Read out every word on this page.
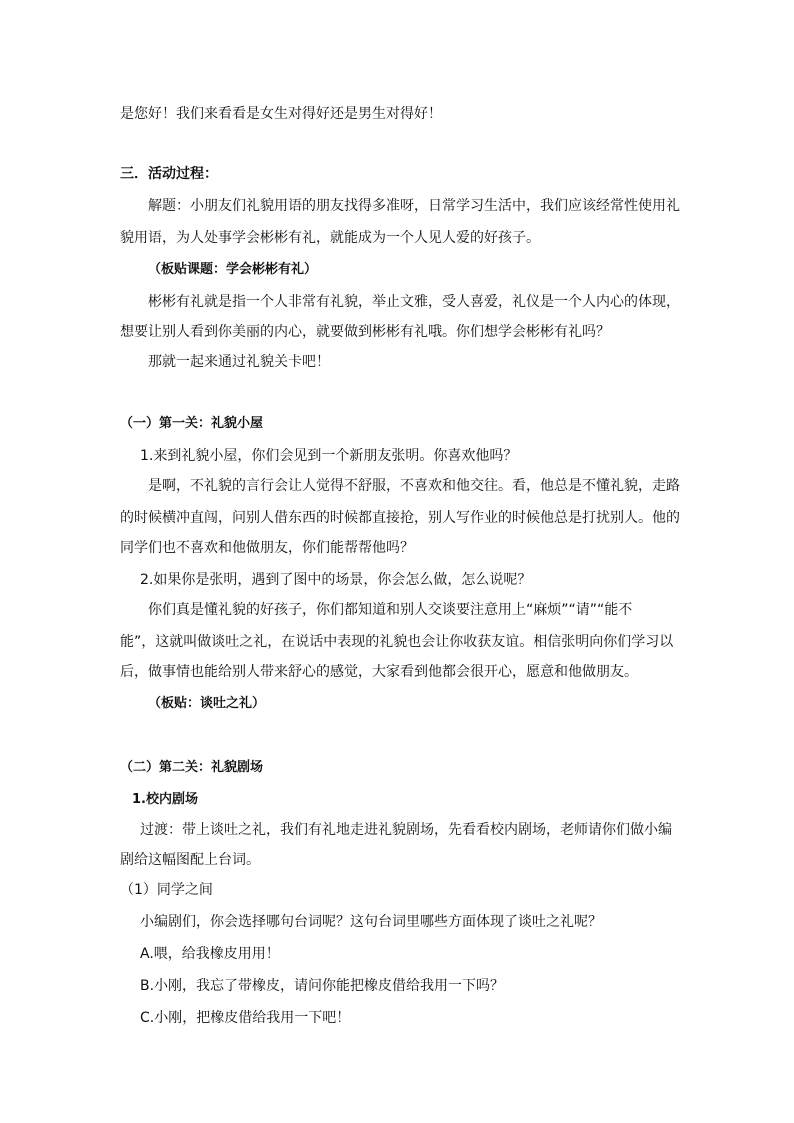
是您好！我们来看看是女生对得好还是男生对得好！
三．活动过程：
解题：小朋友们礼貌用语的朋友找得多准呀，日常学习生活中，我们应该经常性使用礼
貌用语，为人处事学会彬彬有礼，就能成为一个人见人爱的好孩子。
（板贴课题：学会彬彬有礼）
彬彬有礼就是指一个人非常有礼貌，举止文雅，受人喜爱，礼仪是一个人内心的体现，
想要让别人看到你美丽的内心，就要做到彬彬有礼哦。你们想学会彬彬有礼吗？
那就一起来通过礼貌关卡吧！
（一）第一关：礼貌小屋
1.来到礼貌小屋，你们会见到一个新朋友张明。你喜欢他吗？
是啊，不礼貌的言行会让人觉得不舒服，不喜欢和他交往。看，他总是不懂礼貌，走路
的时候横冲直闯，问别人借东西的时候都直接抢，别人写作业的时候他总是打扰别人。他的
同学们也不喜欢和他做朋友，你们能帮帮他吗？
2.如果你是张明，遇到了图中的场景，你会怎么做，怎么说呢？
你们真是懂礼貌的好孩子，你们都知道和别人交谈要注意用上“麻烦”“请”“能不
能”，这就叫做谈吐之礼，在说话中表现的礼貌也会让你收获友谊。相信张明向你们学习以
后，做事情也能给别人带来舒心的感觉，大家看到他都会很开心，愿意和他做朋友。
（板贴：谈吐之礼）
（二）第二关：礼貌剧场
1.校内剧场
过渡：带上谈吐之礼，我们有礼地走进礼貌剧场，先看看校内剧场，老师请你们做小编
剧给这幅图配上台词。
（1）同学之间
小编剧们，你会选择哪句台词呢？这句台词里哪些方面体现了谈吐之礼呢？
A.喂，给我橡皮用用！
B.小刚，我忘了带橡皮，请问你能把橡皮借给我用一下吗？
C.小刚，把橡皮借给我用一下吧！
